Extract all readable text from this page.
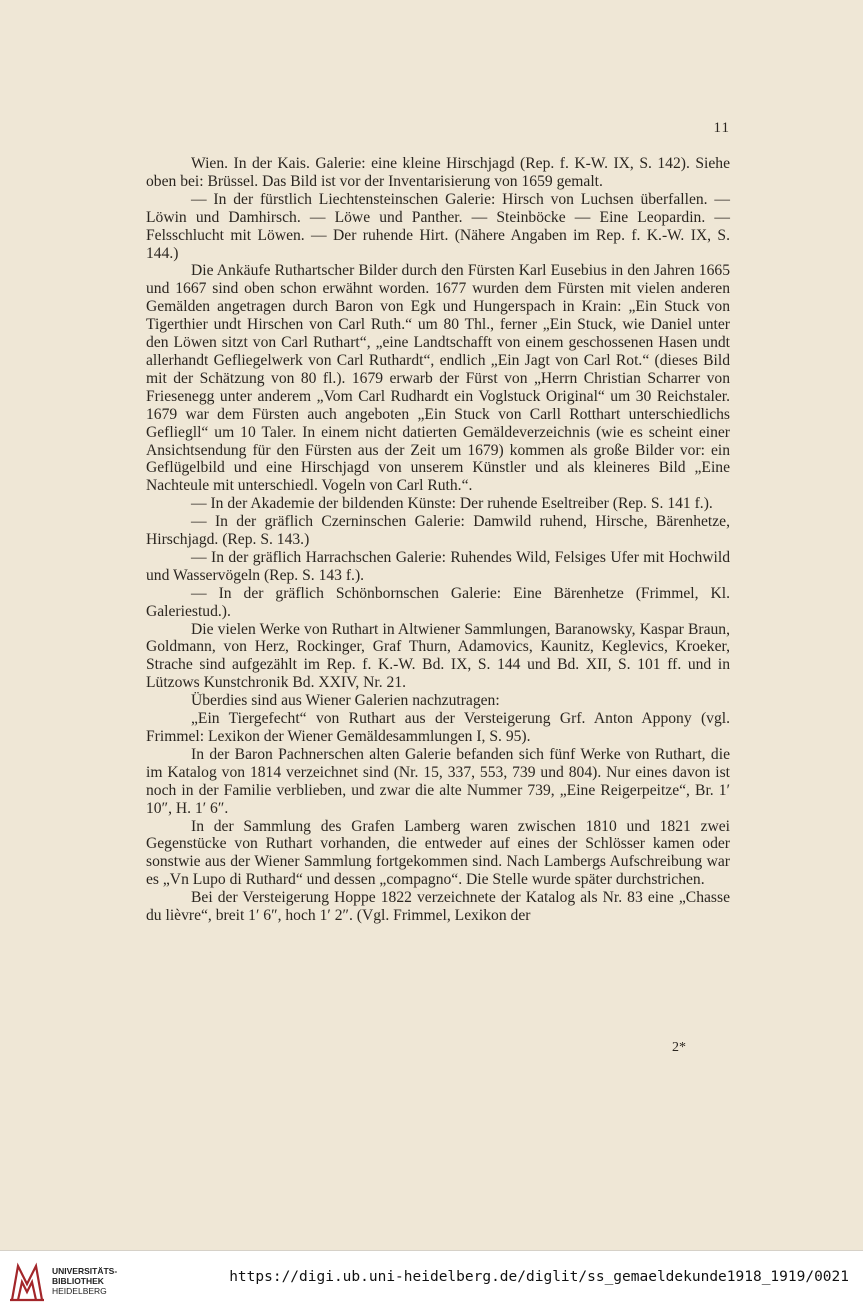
11

Wien. In der Kais. Galerie: eine kleine Hirschjagd (Rep. f. K-W. IX, S. 142). Siehe oben bei: Brüssel. Das Bild ist vor der Inventarisierung von 1659 gemalt.

— In der fürstlich Liechtensteinschen Galerie: Hirsch von Luchsen überfallen. — Löwin und Damhirsch. — Löwe und Panther. — Steinböcke — Eine Leopardin. — Felsschlucht mit Löwen. — Der ruhende Hirt. (Nähere Angaben im Rep. f. K.-W. IX, S. 144.)

Die Ankäufe Ruthartscher Bilder durch den Fürsten Karl Eusebius in den Jahren 1665 und 1667 sind oben schon erwähnt worden. 1677 wurden dem Fürsten mit vielen anderen Gemälden angetragen durch Baron von Egk und Hungerspach in Krain: „Ein Stuck von Tigerthier undt Hirschen von Carl Ruth.“ um 80 Thl., ferner „Ein Stuck, wie Daniel unter den Löwen sitzt von Carl Ruthart“, „eine Landtschafft von einem geschossenen Hasen undt allerhandt Gefliegelwerk von Carl Ruthardt“, endlich „Ein Jagt von Carl Rot.“ (dieses Bild mit der Schätzung von 80 fl.). 1679 erwarb der Fürst von „Herrn Christian Scharrer von Friesenegg unter anderem „Vom Carl Rudhardt ein Voglstuck Original“ um 30 Reichstaler. 1679 war dem Fürsten auch angeboten „Ein Stuck von Carll Rotthart unterschiedlichs Gefliegll“ um 10 Taler. In einem nicht datierten Gemäldeverzeichnis (wie es scheint einer Ansichtsendung für den Fürsten aus der Zeit um 1679) kommen als große Bilder vor: ein Geflügelbild und eine Hirschjagd von unserem Künstler und als kleineres Bild „Eine Nachteule mit unterschiedl. Vogeln von Carl Ruth.“.

— In der Akademie der bildenden Künste: Der ruhende Eseltreiber (Rep. S. 141 f.).

— In der gräflich Czerninschen Galerie: Damwild ruhend, Hirsche, Bärenhetze, Hirschjagd. (Rep. S. 143.)

— In der gräflich Harrachschen Galerie: Ruhendes Wild, Felsiges Ufer mit Hochwild und Wasservögeln (Rep. S. 143 f.).

— In der gräflich Schönbornschen Galerie: Eine Bärenhetze (Frimmel, Kl. Galeriestud.).

Die vielen Werke von Ruthart in Altwiener Sammlungen, Baranowsky, Kaspar Braun, Goldmann, von Herz, Rockinger, Graf Thurn, Adamovics, Kaunitz, Keglevics, Kroeker, Strache sind aufgezählt im Rep. f. K.-W. Bd. IX, S. 144 und Bd. XII, S. 101 ff. und in Lützows Kunstchronik Bd. XXIV, Nr. 21.

Überdies sind aus Wiener Galerien nachzutragen:

„Ein Tiergefecht“ von Ruthart aus der Versteigerung Grf. Anton Appony (vgl. Frimmel: Lexikon der Wiener Gemäldesammlungen I, S. 95).

In der Baron Pachnerschen alten Galerie befanden sich fünf Werke von Ruthart, die im Katalog von 1814 verzeichnet sind (Nr. 15, 337, 553, 739 und 804). Nur eines davon ist noch in der Familie verblieben, und zwar die alte Nummer 739, „Eine Reigerpeitze“, Br. 1′ 10″, H. 1′ 6″.

In der Sammlung des Grafen Lamberg waren zwischen 1810 und 1821 zwei Gegenstücke von Ruthart vorhanden, die entweder auf eines der Schlösser kamen oder sonstwie aus der Wiener Sammlung fortgekommen sind. Nach Lambergs Aufschreibung war es „Vn Lupo di Ruthard“ und dessen „compagno“. Die Stelle wurde später durchstrichen.

Bei der Versteigerung Hoppe 1822 verzeichnete der Katalog als Nr. 83 eine „Chasse du lièvre“, breit 1′ 6″, hoch 1′ 2″. (Vgl. Frimmel, Lexikon der

2*
UNIVERSITÄTS-
BIBLIOTHEK
HEIDELBERG
https://digi.ub.uni-heidelberg.de/diglit/ss_gemaeldekunde1918_1919/0021
